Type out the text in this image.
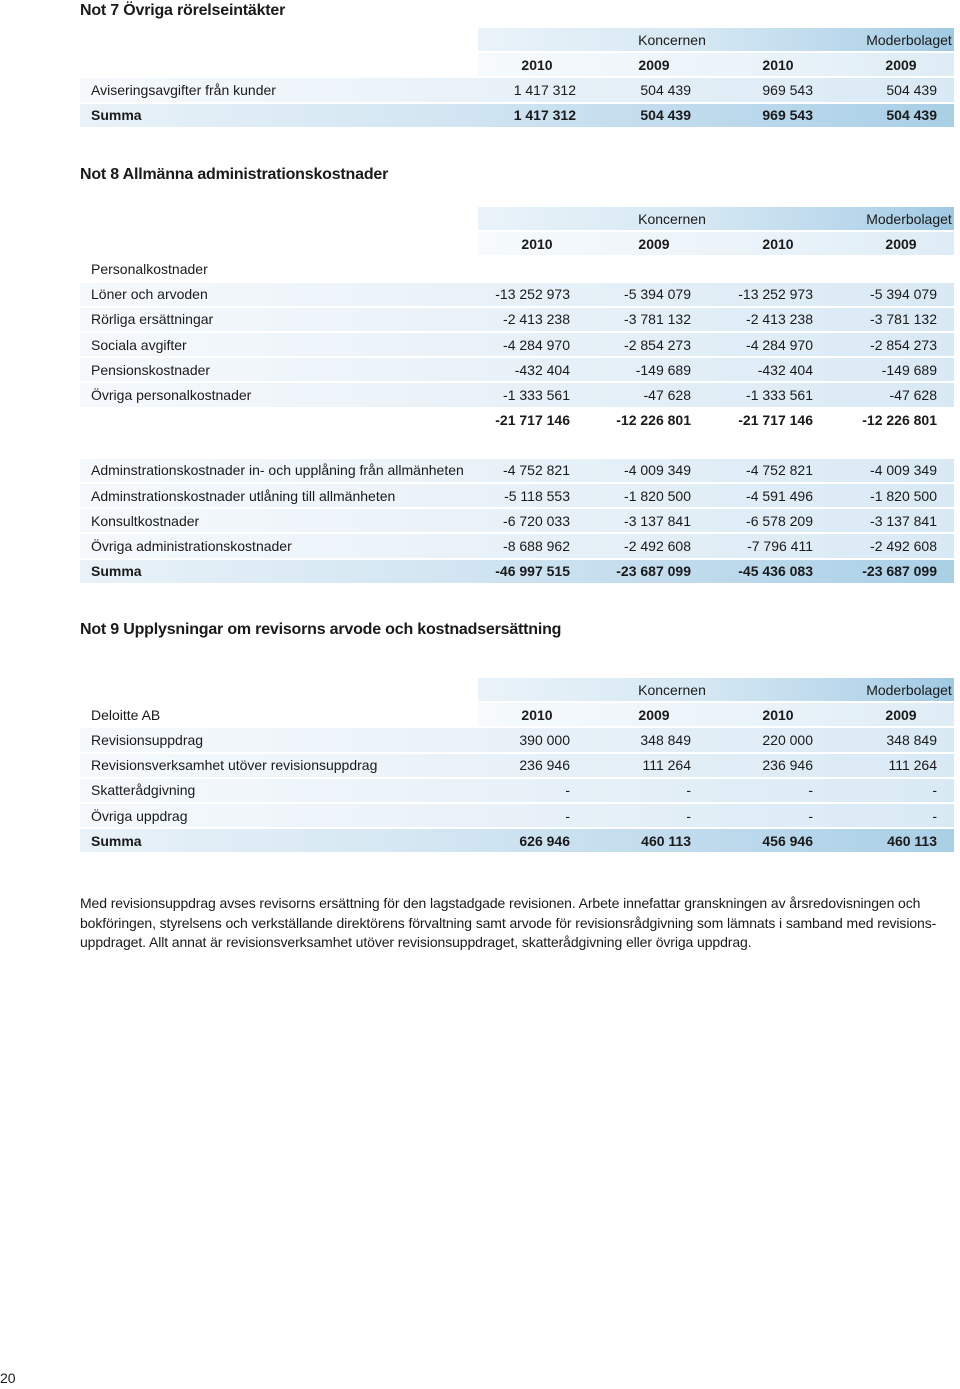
Not 7 Övriga rörelseintäkter
Koncernen	Moderbolaget
2010	2009	2010	2009
Aviseringsavgifter från kunder	1 417 312	504 439	969 543	504 439
Summa	1 417 312	504 439	969 543	504 439
Not 8 Allmänna administrationskostnader
Koncernen	Moderbolaget
2010	2009	2010	2009
Personalkostnader
Löner och arvoden	-13 252 973	-5 394 079	-13 252 973	-5 394 079
Rörliga ersättningar	-2 413 238	-3 781 132	-2 413 238	-3 781 132
Sociala avgifter	-4 284 970	-2 854 273	-4 284 970	-2 854 273
Pensionskostnader	-432 404	-149 689	-432 404	-149 689
Övriga personalkostnader	-1 333 561	-47 628	-1 333 561	-47 628
-21 717 146	-12 226 801	-21 717 146	-12 226 801
Adminstrationskostnader in- och upplåning från allmänheten	-4 752 821	-4 009 349	-4 752 821	-4 009 349
Adminstrationskostnader utlåning till allmänheten	-5 118 553	-1 820 500	-4 591 496	-1 820 500
Konsultkostnader	-6 720 033	-3 137 841	-6 578 209	-3 137 841
Övriga administrationskostnader	-8 688 962	-2 492 608	-7 796 411	-2 492 608
Summa	-46 997 515	-23 687 099	-45 436 083	-23 687 099
Not 9 Upplysningar om revisorns arvode och kostnadsersättning
Koncernen	Moderbolaget
Deloitte AB	2010	2009	2010	2009
Revisionsuppdrag	390 000	348 849	220 000	348 849
Revisionsverksamhet utöver revisionsuppdrag	236 946	111 264	236 946	111 264
Skatterådgivning	-	-	-	-
Övriga uppdrag	-	-	-	-
Summa	626 946	460 113	456 946	460 113

Med revisionsuppdrag avses revisorns ersättning för den lagstadgade revisionen. Arbete innefattar granskningen av årsredovisningen och bokföringen, styrelsens och verkställande direktörens förvaltning samt arvode för revisionsrådgivning som lämnats i samband med revisions-uppdraget. Allt annat är revisionsverksamhet utöver revisionsuppdraget, skatterådgivning eller övriga uppdrag.

20
